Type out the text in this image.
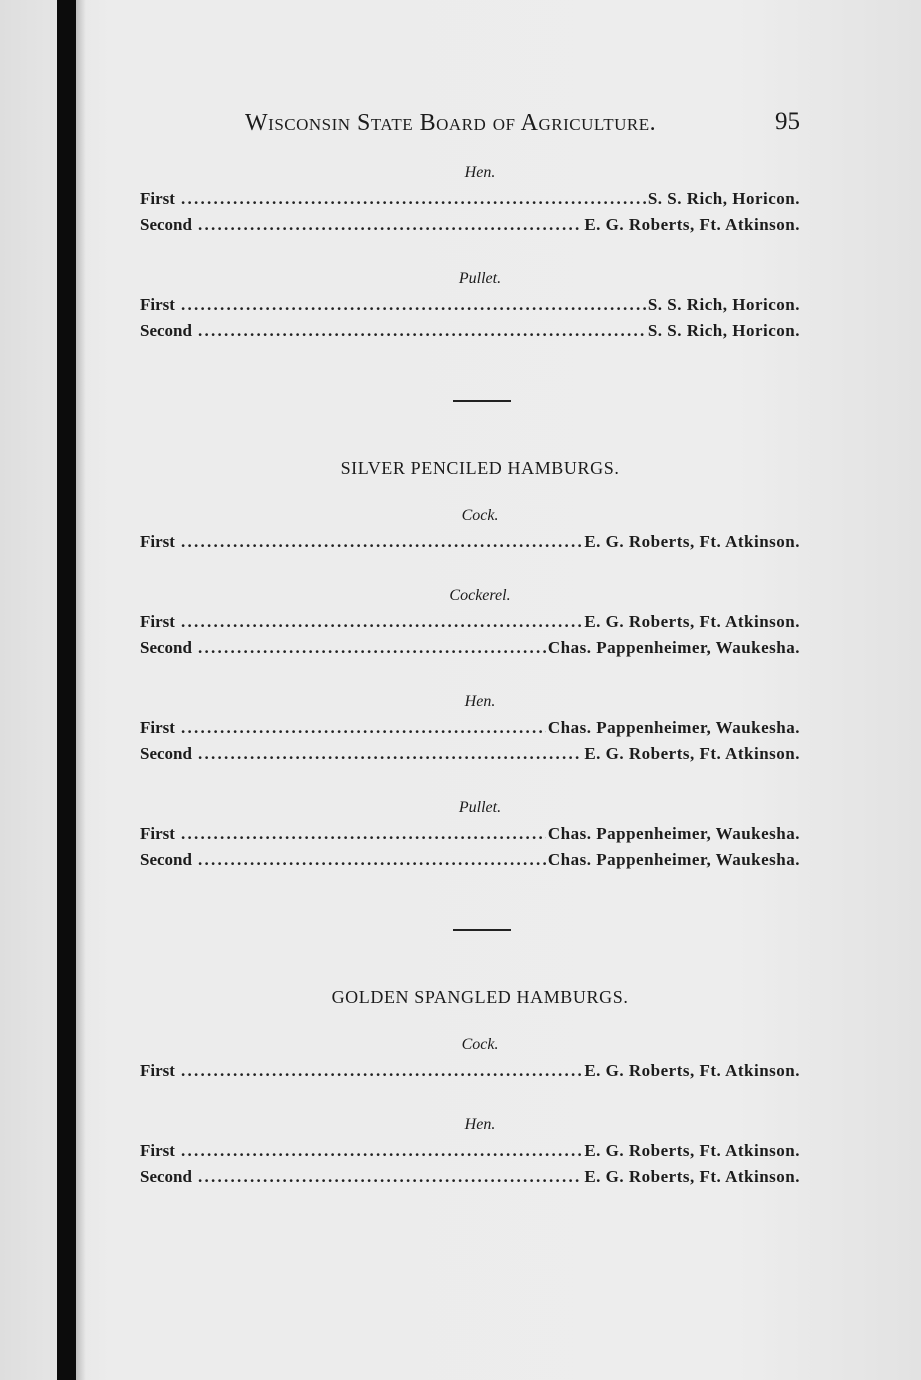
Wisconsin State Board of Agriculture.	95
Hen.
First . . .	S. S. Rich, Horicon.
Second . . .	E. G. Roberts, Ft. Atkinson.
Pullet.
First . . .	S. S. Rich, Horicon.
Second . . .	S. S. Rich, Horicon.
SILVER PENCILED HAMBURGS.
Cock.
First . . .	E. G. Roberts, Ft. Atkinson.
Cockerel.
First . . .	E. G. Roberts, Ft. Atkinson.
Second . . .	Chas. Pappenheimer, Waukesha.
Hen.
First . . .	Chas. Pappenheimer, Waukesha.
Second . . .	E. G. Roberts, Ft. Atkinson.
Pullet.
First . . .	Chas. Pappenheimer, Waukesha.
Second . . .	Chas. Pappenheimer, Waukesha.
GOLDEN SPANGLED HAMBURGS.
Cock.
First . . .	E. G. Roberts, Ft. Atkinson.
Hen.
First . . .	E. G. Roberts, Ft. Atkinson.
Second . . .	E. G. Roberts, Ft. Atkinson.
